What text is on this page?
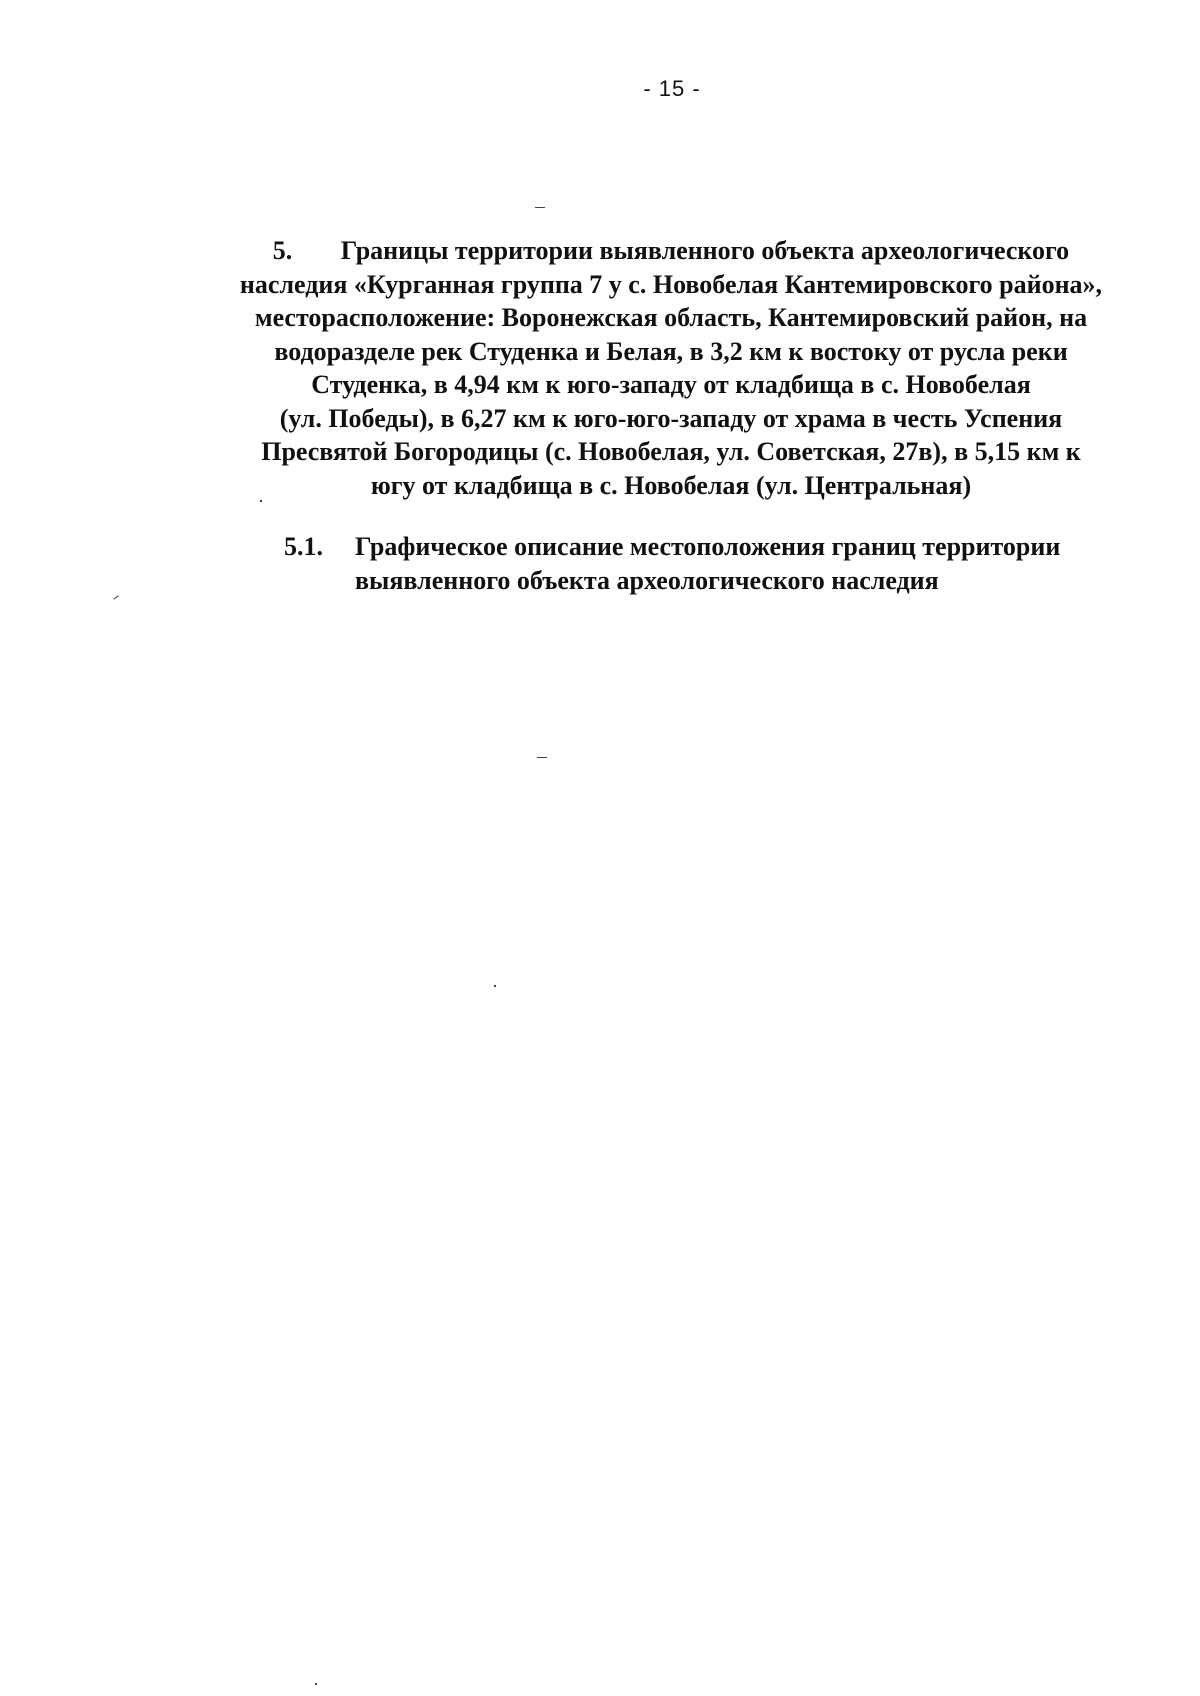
- 15 -
5. Границы территории выявленного объекта археологического
наследия «Курганная группа 7 у с. Новобелая Кантемировского района»,
месторасположение: Воронежская область, Кантемировский район, на
водоразделе рек Студенка и Белая, в 3,2 км к востоку от русла реки
Студенка, в 4,94 км к юго-западу от кладбища в с. Новобелая
(ул. Победы), в 6,27 км к юго-юго-западу от храма в честь Успения
Пресвятой Богородицы (с. Новобелая, ул. Советская, 27в), в 5,15 км к
югу от кладбища в с. Новобелая (ул. Центральная)
5.1. Графическое описание местоположения границ территории
выявленного объекта археологического наследия
